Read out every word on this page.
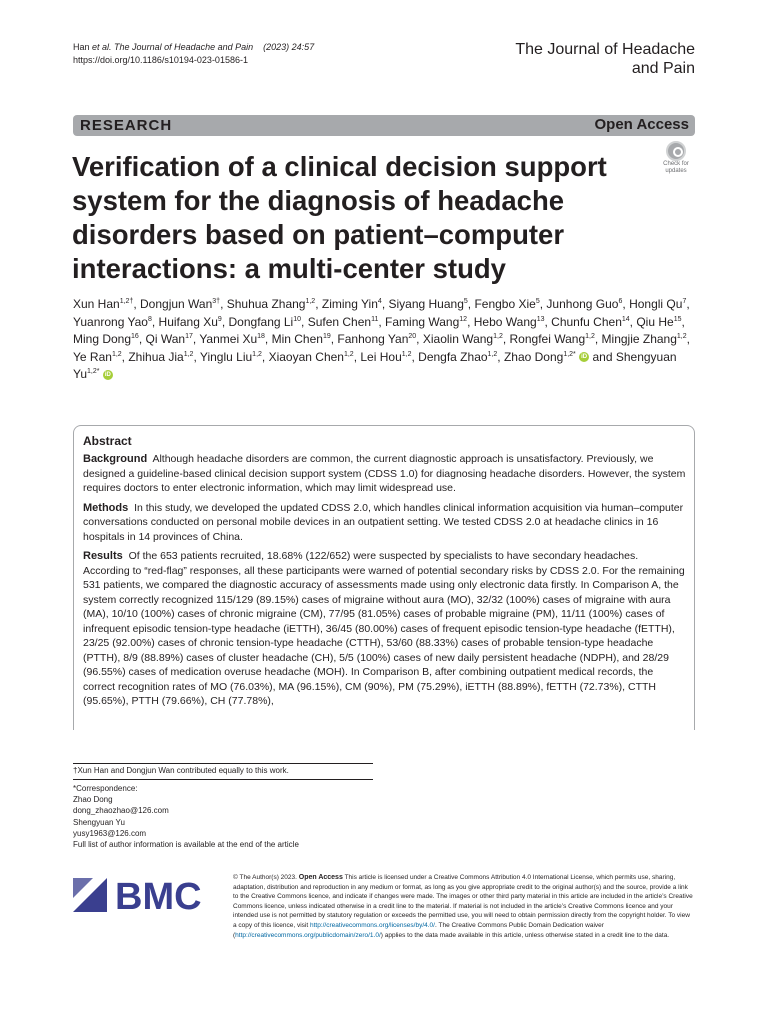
Han et al. The Journal of Headache and Pain (2023) 24:57
https://doi.org/10.1186/s10194-023-01586-1
The Journal of Headache
and Pain
RESEARCH	Open Access
Verification of a clinical decision support system for the diagnosis of headache disorders based on patient–computer interactions: a multi-center study
Check for
updates
Xun Han$^{1,2\dagger}$, Dongjun Wan$^{3\dagger}$, Shuhua Zhang$^{1,2}$, Ziming Yin$^4$, Siyang Huang$^5$, Fengbo Xie$^5$, Junhong Guo$^6$, Hongli Qu$^7$, Yuanrong Yao$^8$, Huifang Xu$^9$, Dongfang Li$^{10}$, Sufen Chen$^{11}$, Faming Wang$^{12}$, Hebo Wang$^{13}$, Chunfu Chen$^{14}$, Qiu He$^{15}$, Ming Dong$^{16}$, Qi Wan$^{17}$, Yanmei Xu$^{18}$, Min Chen$^{19}$, Fanhong Yan$^{20}$, Xiaolin Wang$^{1,2}$, Rongfei Wang$^{1,2}$, Mingjie Zhang$^{1,2}$, Ye Ran$^{1,2}$, Zhihua Jia$^{1,2}$, Yinglu Liu$^{1,2}$, Xiaoyan Chen$^{1,2}$, Lei Hou$^{1,2}$, Dengfa Zhao$^{1,2}$, Zhao Dong$^{1,2*}$ iD and Shengyuan $Yu^{1,2*}$ iD
Abstract

Background Although headache disorders are common, the current diagnostic approach is unsatisfactory. Previously, we designed a guideline-based clinical decision support system (CDSS 1.0) for diagnosing headache disorders. However, the system requires doctors to enter electronic information, which may limit widespread use.

Methods In this study, we developed the updated CDSS 2.0, which handles clinical information acquisition via human–computer conversations conducted on personal mobile devices in an outpatient setting. We tested CDSS 2.0 at headache clinics in 16 hospitals in 14 provinces of China.

Results Of the 653 patients recruited, 18.68% (122/652) were suspected by specialists to have secondary headaches. According to “red-flag” responses, all these participants were warned of potential secondary risks by CDSS 2.0. For the remaining 531 patients, we compared the diagnostic accuracy of assessments made using only electronic data firstly. In Comparison A, the system correctly recognized 115/129 (89.15%) cases of migraine without aura (MO), 32/32 (100%) cases of migraine with aura (MA), 10/10 (100%) cases of chronic migraine (CM), 77/95 (81.05%) cases of probable migraine (PM), 11/11 (100%) cases of infrequent episodic tension-type headache (iETTH), 36/45 (80.00%) cases of frequent episodic tension-type headache (fETTH), 23/25 (92.00%) cases of chronic tension-type headache (CTTH), 53/60 (88.33%) cases of probable tension-type headache (PTTH), 8/9 (88.89%) cases of cluster headache (CH), 5/5 (100%) cases of new daily persistent headache (NDPH), and 28/29 (96.55%) cases of medication overuse headache (MOH). In Comparison B, after combining outpatient medical records, the correct recognition rates of MO (76.03%), MA (96.15%), CM (90%), PM (75.29%), iETTH (88.89%), fETTH (72.73%), CTTH (95.65%), PTTH (79.66%), CH (77.78%),

†Xun Han and Dongjun Wan contributed equally to this work.
*Correspondence:
Zhao Dong
dong_zhaozhao@126.com
Shengyuan Yu
yusy1963@126.com
Full list of author information is available at the end of the article
BMC	© The Author(s) 2023. Open Access This article is licensed under a Creative Commons Attribution 4.0 International License, which permits use, sharing, adaptation, distribution and reproduction in any medium or format, as long as you give appropriate credit to the original author(s) and the source, provide a link to the Creative Commons licence, and indicate if changes were made. The images or other third party material in this article are included in the article’s Creative Commons licence, unless indicated otherwise in a credit line to the material. If material is not included in the article’s Creative Commons licence and your intended use is not permitted by statutory regulation or exceeds the permitted use, you will need to obtain permission directly from the copyright holder. To view a copy of this licence, visit http://creativecommons.org/licenses/by/4.0/. The Creative Commons Public Domain Dedication waiver (http://creativecommons.org/publicdomain/zero/1.0/) applies to the data made available in this article, unless otherwise stated in a credit line to the data.
